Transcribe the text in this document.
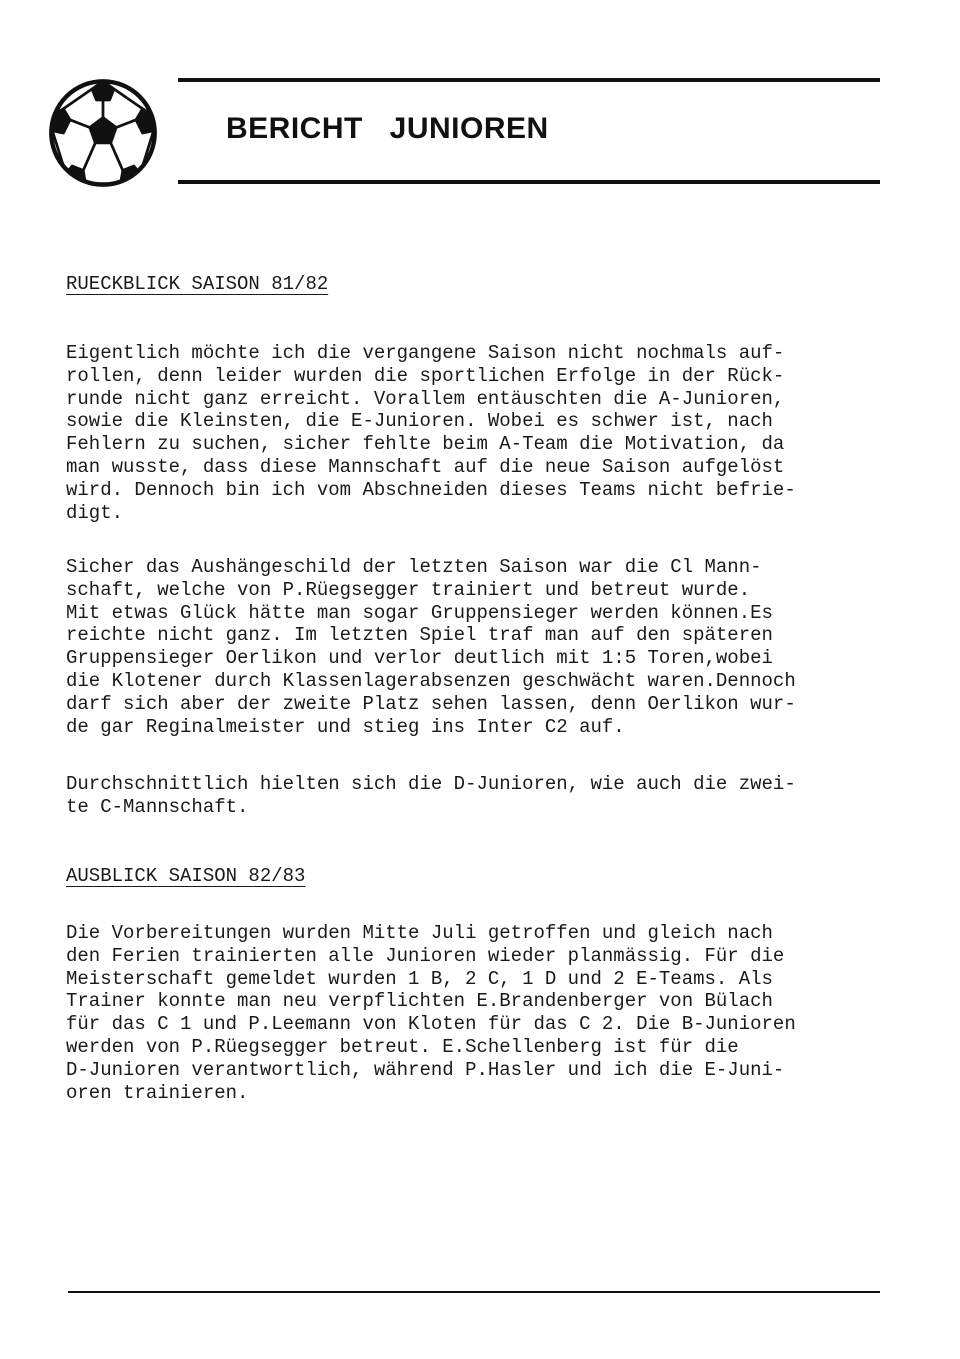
BERICHT JUNIOREN
RUECKBLICK SAISON 81/82

Eigentlich möchte ich die vergangene Saison nicht nochmals auf-
rollen, denn leider wurden die sportlichen Erfolge in der Rück-
runde nicht ganz erreicht. Vorallem entäuschten die A-Junioren,
sowie die Kleinsten, die E-Junioren. Wobei es schwer ist, nach
Fehlern zu suchen, sicher fehlte beim A-Team die Motivation, da
man wusste, dass diese Mannschaft auf die neue Saison aufgelöst
wird. Dennoch bin ich vom Abschneiden dieses Teams nicht befrie-
digt.

Sicher das Aushängeschild der letzten Saison war die Cl Mann-
schaft, welche von P.Rüegsegger trainiert und betreut wurde.
Mit etwas Glück hätte man sogar Gruppensieger werden können.Es
reichte nicht ganz. Im letzten Spiel traf man auf den späteren
Gruppensieger Oerlikon und verlor deutlich mit 1:5 Toren,wobei
die Klotener durch Klassenlagerabsenzen geschwächt waren.Dennoch
darf sich aber der zweite Platz sehen lassen, denn Oerlikon wur-
de gar Reginalmeister und stieg ins Inter C2 auf.

Durchschnittlich hielten sich die D-Junioren, wie auch die zwei-
te C-Mannschaft.

AUSBLICK SAISON 82/83

Die Vorbereitungen wurden Mitte Juli getroffen und gleich nach
den Ferien trainierten alle Junioren wieder planmässig. Für die
Meisterschaft gemeldet wurden 1 B, 2 C, 1 D und 2 E-Teams. Als
Trainer konnte man neu verpflichten E.Brandenberger von Bülach
für das C 1 und P.Leemann von Kloten für das C 2. Die B-Junioren
werden von P.Rüegsegger betreut. E.Schellenberg ist für die
D-Junioren verantwortlich, während P.Hasler und ich die E-Juni-
oren trainieren.
